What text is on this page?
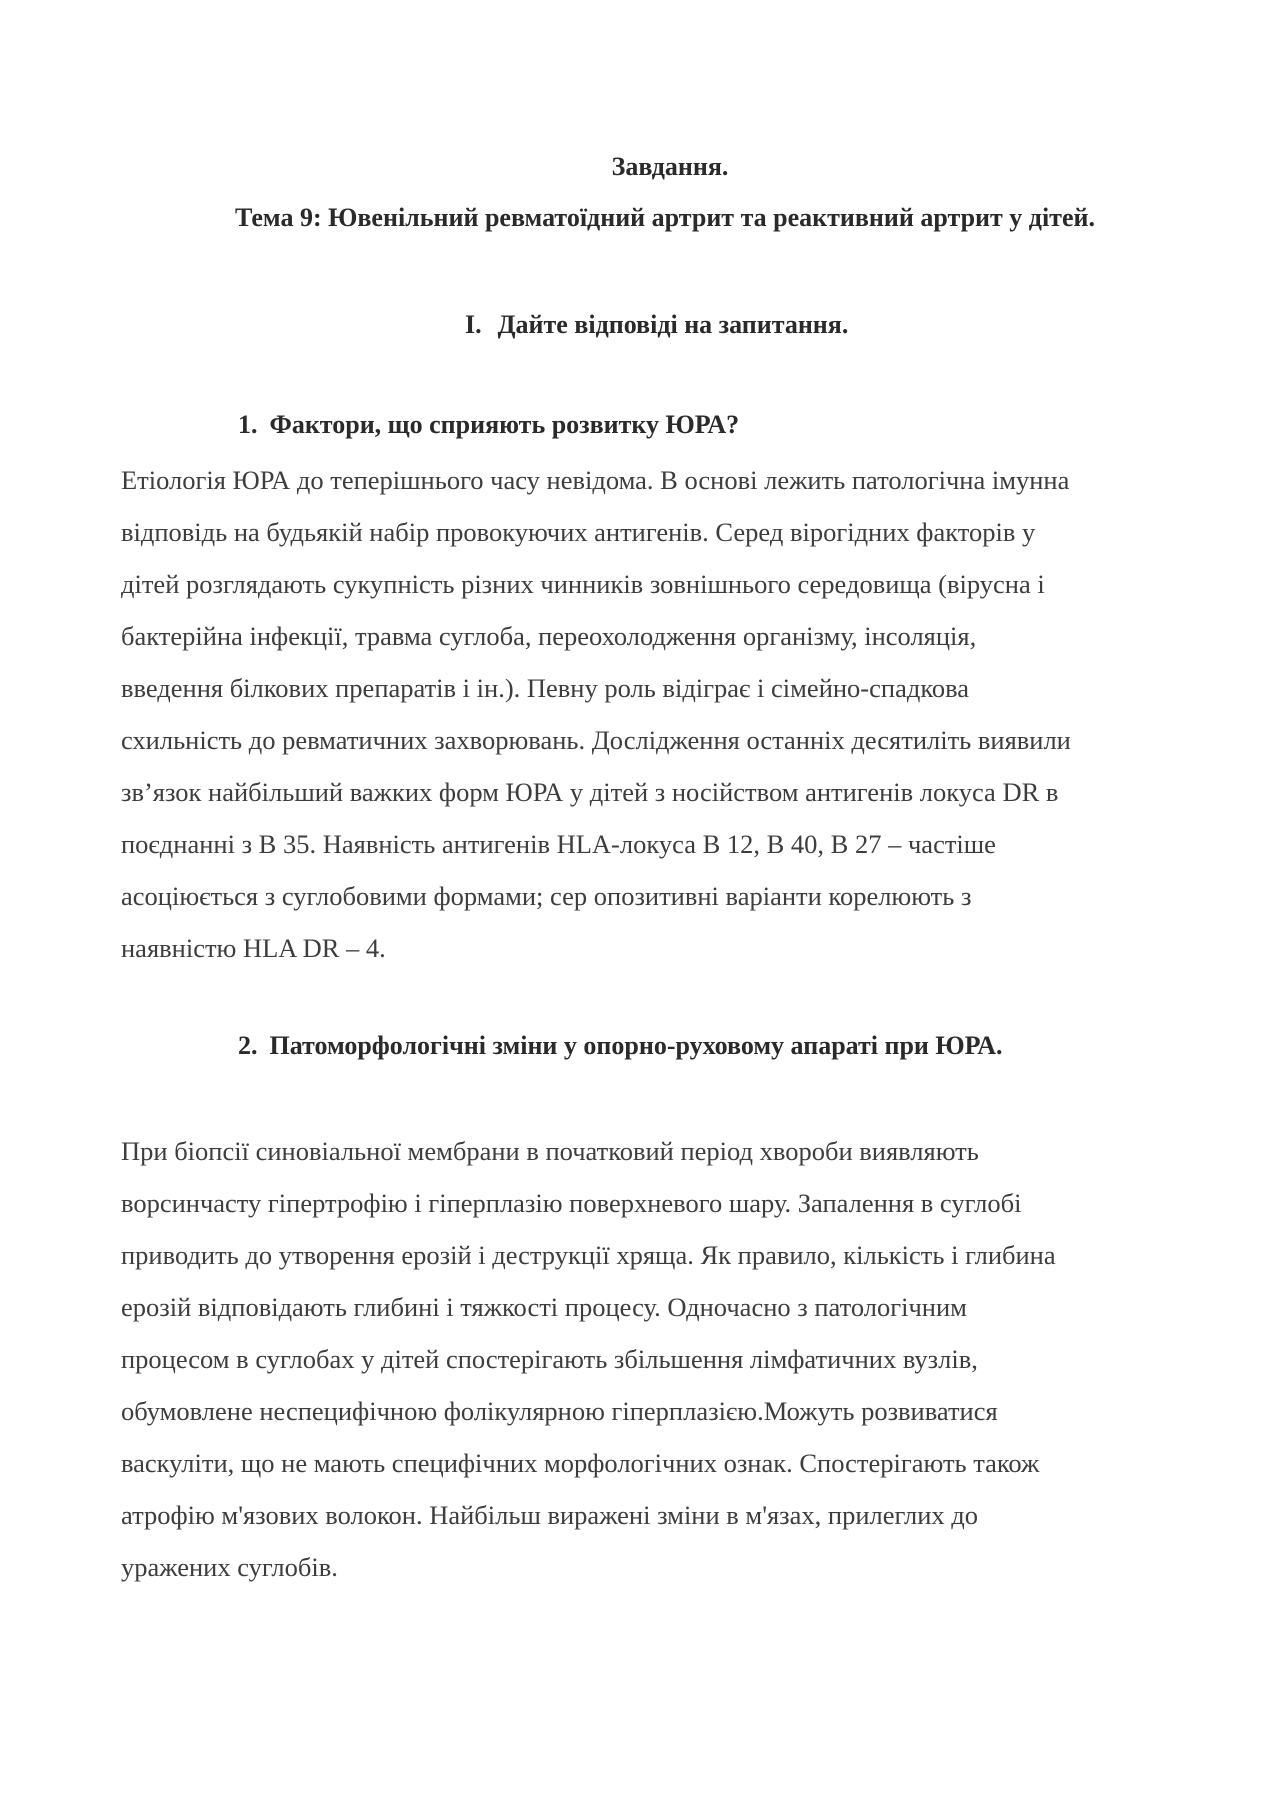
Завдання.
Тема 9: Ювенільний ревматоїдний артрит та реактивний артрит у дітей.
I. Дайте відповіді на запитання.
1. Фактори, що сприяють розвитку ЮРА?
Етіологія ЮРА до теперішнього часу невідома. В основі лежить патологічна імунна
відповідь на будьякій набір провокуючих антигенів. Серед вірогідних факторів у
дітей розглядають сукупність різних чинників зовнішнього середовища (вірусна і
бактерійна інфекції, травма суглоба, переохолодження організму, інсоляція,
введення білкових препаратів і ін.). Певну роль відіграє і сімейно-спадкова
схильність до ревматичних захворювань. Дослідження останніх десятиліть виявили
зв’язок найбільший важких форм ЮРА у дітей з носійством антигенів локуса DR в
поєднанні з В 35. Наявність антигенів HLA-локуса В 12, В 40, В 27 – частіше
асоціюється з суглобовими формами; сер опозитивні варіанти корелюють з
наявністю HLA DR – 4.
2. Патоморфологічні зміни у опорно-руховому апараті при ЮРА.
При біопсії синовіальної мембрани в початковий період хвороби виявляють
ворсинчасту гіпертрофію і гіперплазію поверхневого шару. Запалення в суглобі
приводить до утворення ерозій і деструкції хряща. Як правило, кількість і глибина
ерозій відповідають глибині і тяжкості процесу. Одночасно з патологічним
процесом в суглобах у дітей спостерігають збільшення лімфатичних вузлів,
обумовлене неспецифічною фолікулярною гіперплазією.Можуть розвиватися
васкуліти, що не мають специфічних морфологічних ознак. Спостерігають також
атрофію м'язових волокон. Найбільш виражені зміни в м'язах, прилеглих до
уражених суглобів.
